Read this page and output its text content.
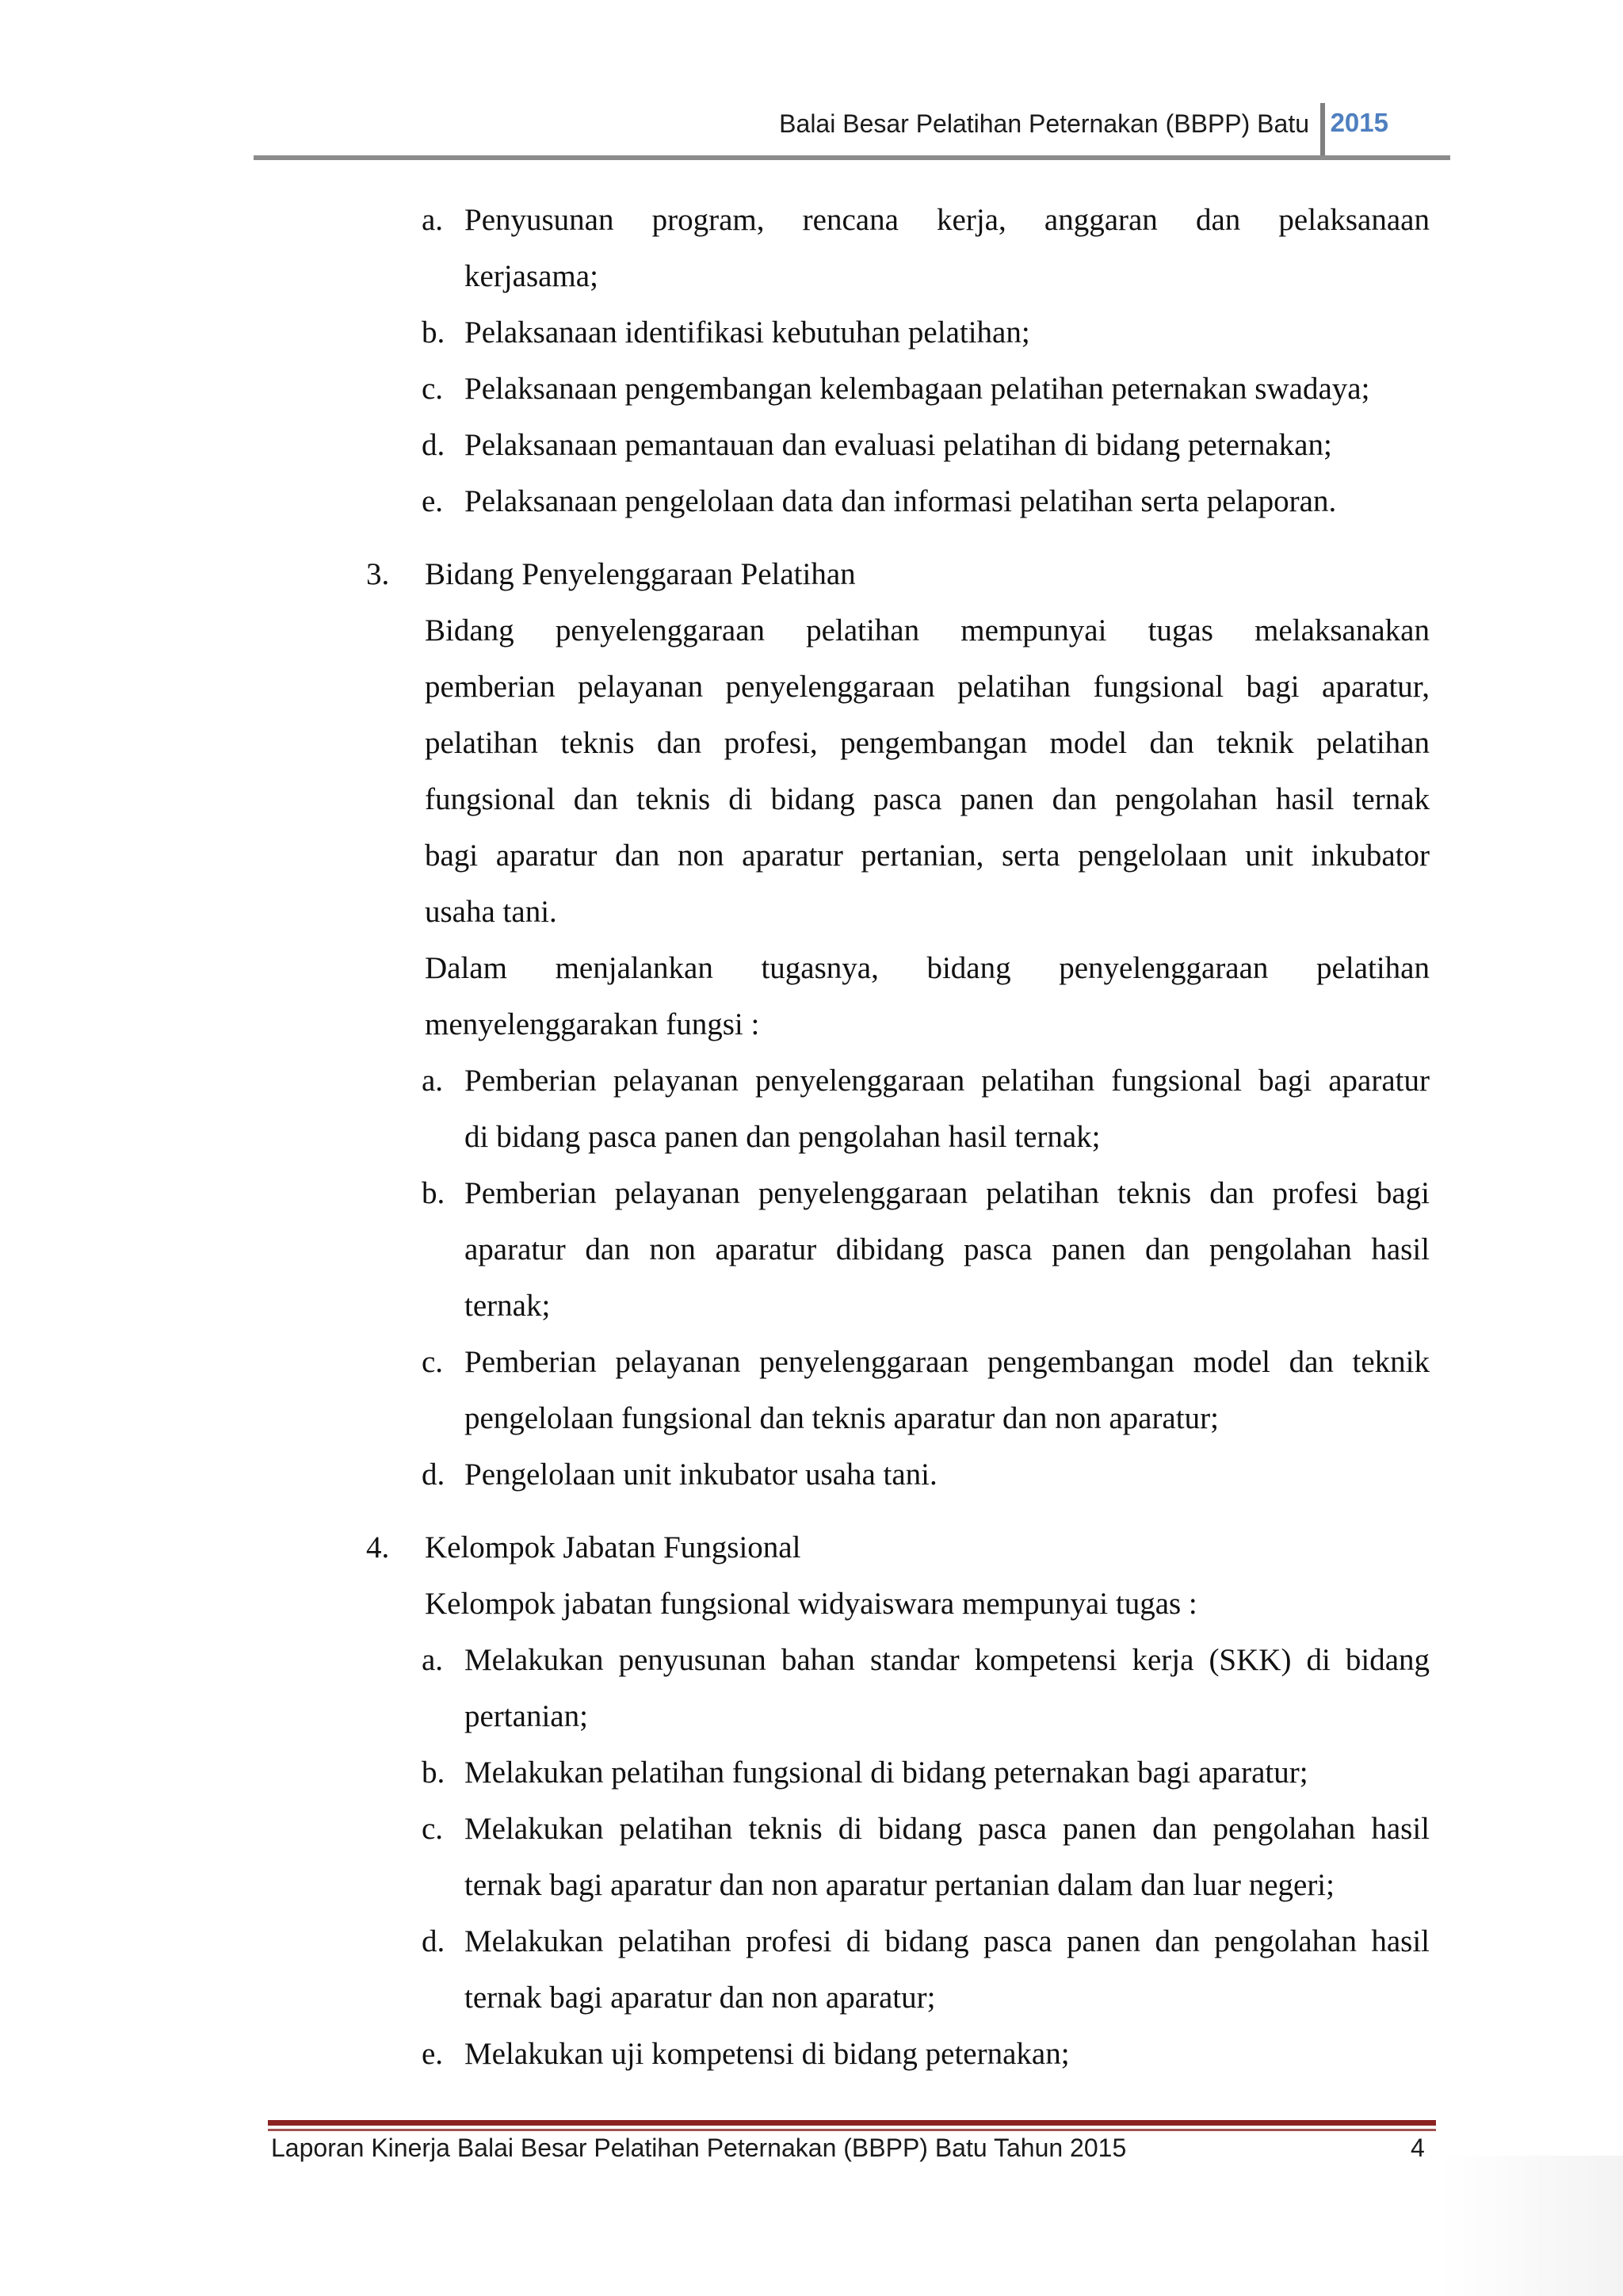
Balai Besar Pelatihan Peternakan (BBPP) Batu 2015
a. Penyusunan program, rencana kerja, anggaran dan pelaksanaan
kerjasama;
b. Pelaksanaan identifikasi kebutuhan pelatihan;
c. Pelaksanaan pengembangan kelembagaan pelatihan peternakan swadaya;
d. Pelaksanaan pemantauan dan evaluasi pelatihan di bidang peternakan;
e. Pelaksanaan pengelolaan data dan informasi pelatihan serta pelaporan.
3. Bidang Penyelenggaraan Pelatihan
Bidang penyelenggaraan pelatihan mempunyai tugas melaksanakan
pemberian pelayanan penyelenggaraan pelatihan fungsional bagi aparatur,
pelatihan teknis dan profesi, pengembangan model dan teknik pelatihan
fungsional dan teknis di bidang pasca panen dan pengolahan hasil ternak
bagi aparatur dan non aparatur pertanian, serta pengelolaan unit inkubator
usaha tani.
Dalam menjalankan tugasnya, bidang penyelenggaraan pelatihan
menyelenggarakan fungsi :
a. Pemberian pelayanan penyelenggaraan pelatihan fungsional bagi aparatur
di bidang pasca panen dan pengolahan hasil ternak;
b. Pemberian pelayanan penyelenggaraan pelatihan teknis dan profesi bagi
aparatur dan non aparatur dibidang pasca panen dan pengolahan hasil
ternak;
c. Pemberian pelayanan penyelenggaraan pengembangan model dan teknik
pengelolaan fungsional dan teknis aparatur dan non aparatur;
d. Pengelolaan unit inkubator usaha tani.
4. Kelompok Jabatan Fungsional
Kelompok jabatan fungsional widyaiswara mempunyai tugas :
a. Melakukan penyusunan bahan standar kompetensi kerja (SKK) di bidang
pertanian;
b. Melakukan pelatihan fungsional di bidang peternakan bagi aparatur;
c. Melakukan pelatihan teknis di bidang pasca panen dan pengolahan hasil
ternak bagi aparatur dan non aparatur pertanian dalam dan luar negeri;
d. Melakukan pelatihan profesi di bidang pasca panen dan pengolahan hasil
ternak bagi aparatur dan non aparatur;
e. Melakukan uji kompetensi di bidang peternakan;
Laporan Kinerja Balai Besar Pelatihan Peternakan (BBPP) Batu Tahun 2015	4
